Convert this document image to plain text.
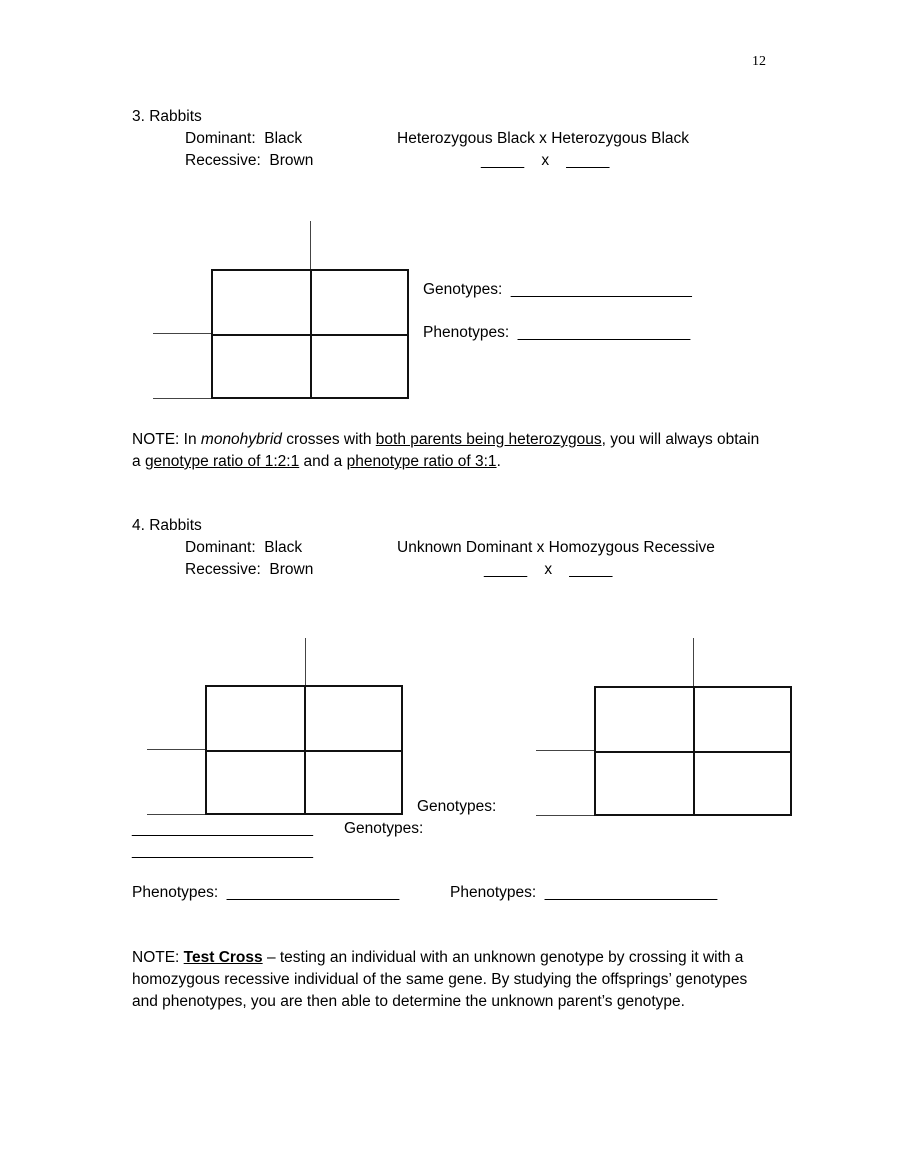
12
3. Rabbits
Dominant:  Black
Recessive:  Brown
Heterozygous Black x Heterozygous Black
_____    x    _____
Genotypes:  _____________________
Phenotypes:  ____________________
NOTE: In monohybrid crosses with both parents being heterozygous, you will always obtain a genotype ratio of 1:2:1 and a phenotype ratio of 3:1.
4. Rabbits
Dominant:  Black
Recessive:  Brown
Unknown Dominant x Homozygous Recessive
_____    x    _____
Genotypes:
_____________________ Genotypes:
_____________________
Phenotypes:  ____________________	Phenotypes:  ____________________
NOTE: Test Cross – testing an individual with an unknown genotype by crossing it with a homozygous recessive individual of the same gene. By studying the offsprings’ genotypes and phenotypes, you are then able to determine the unknown parent’s genotype.
